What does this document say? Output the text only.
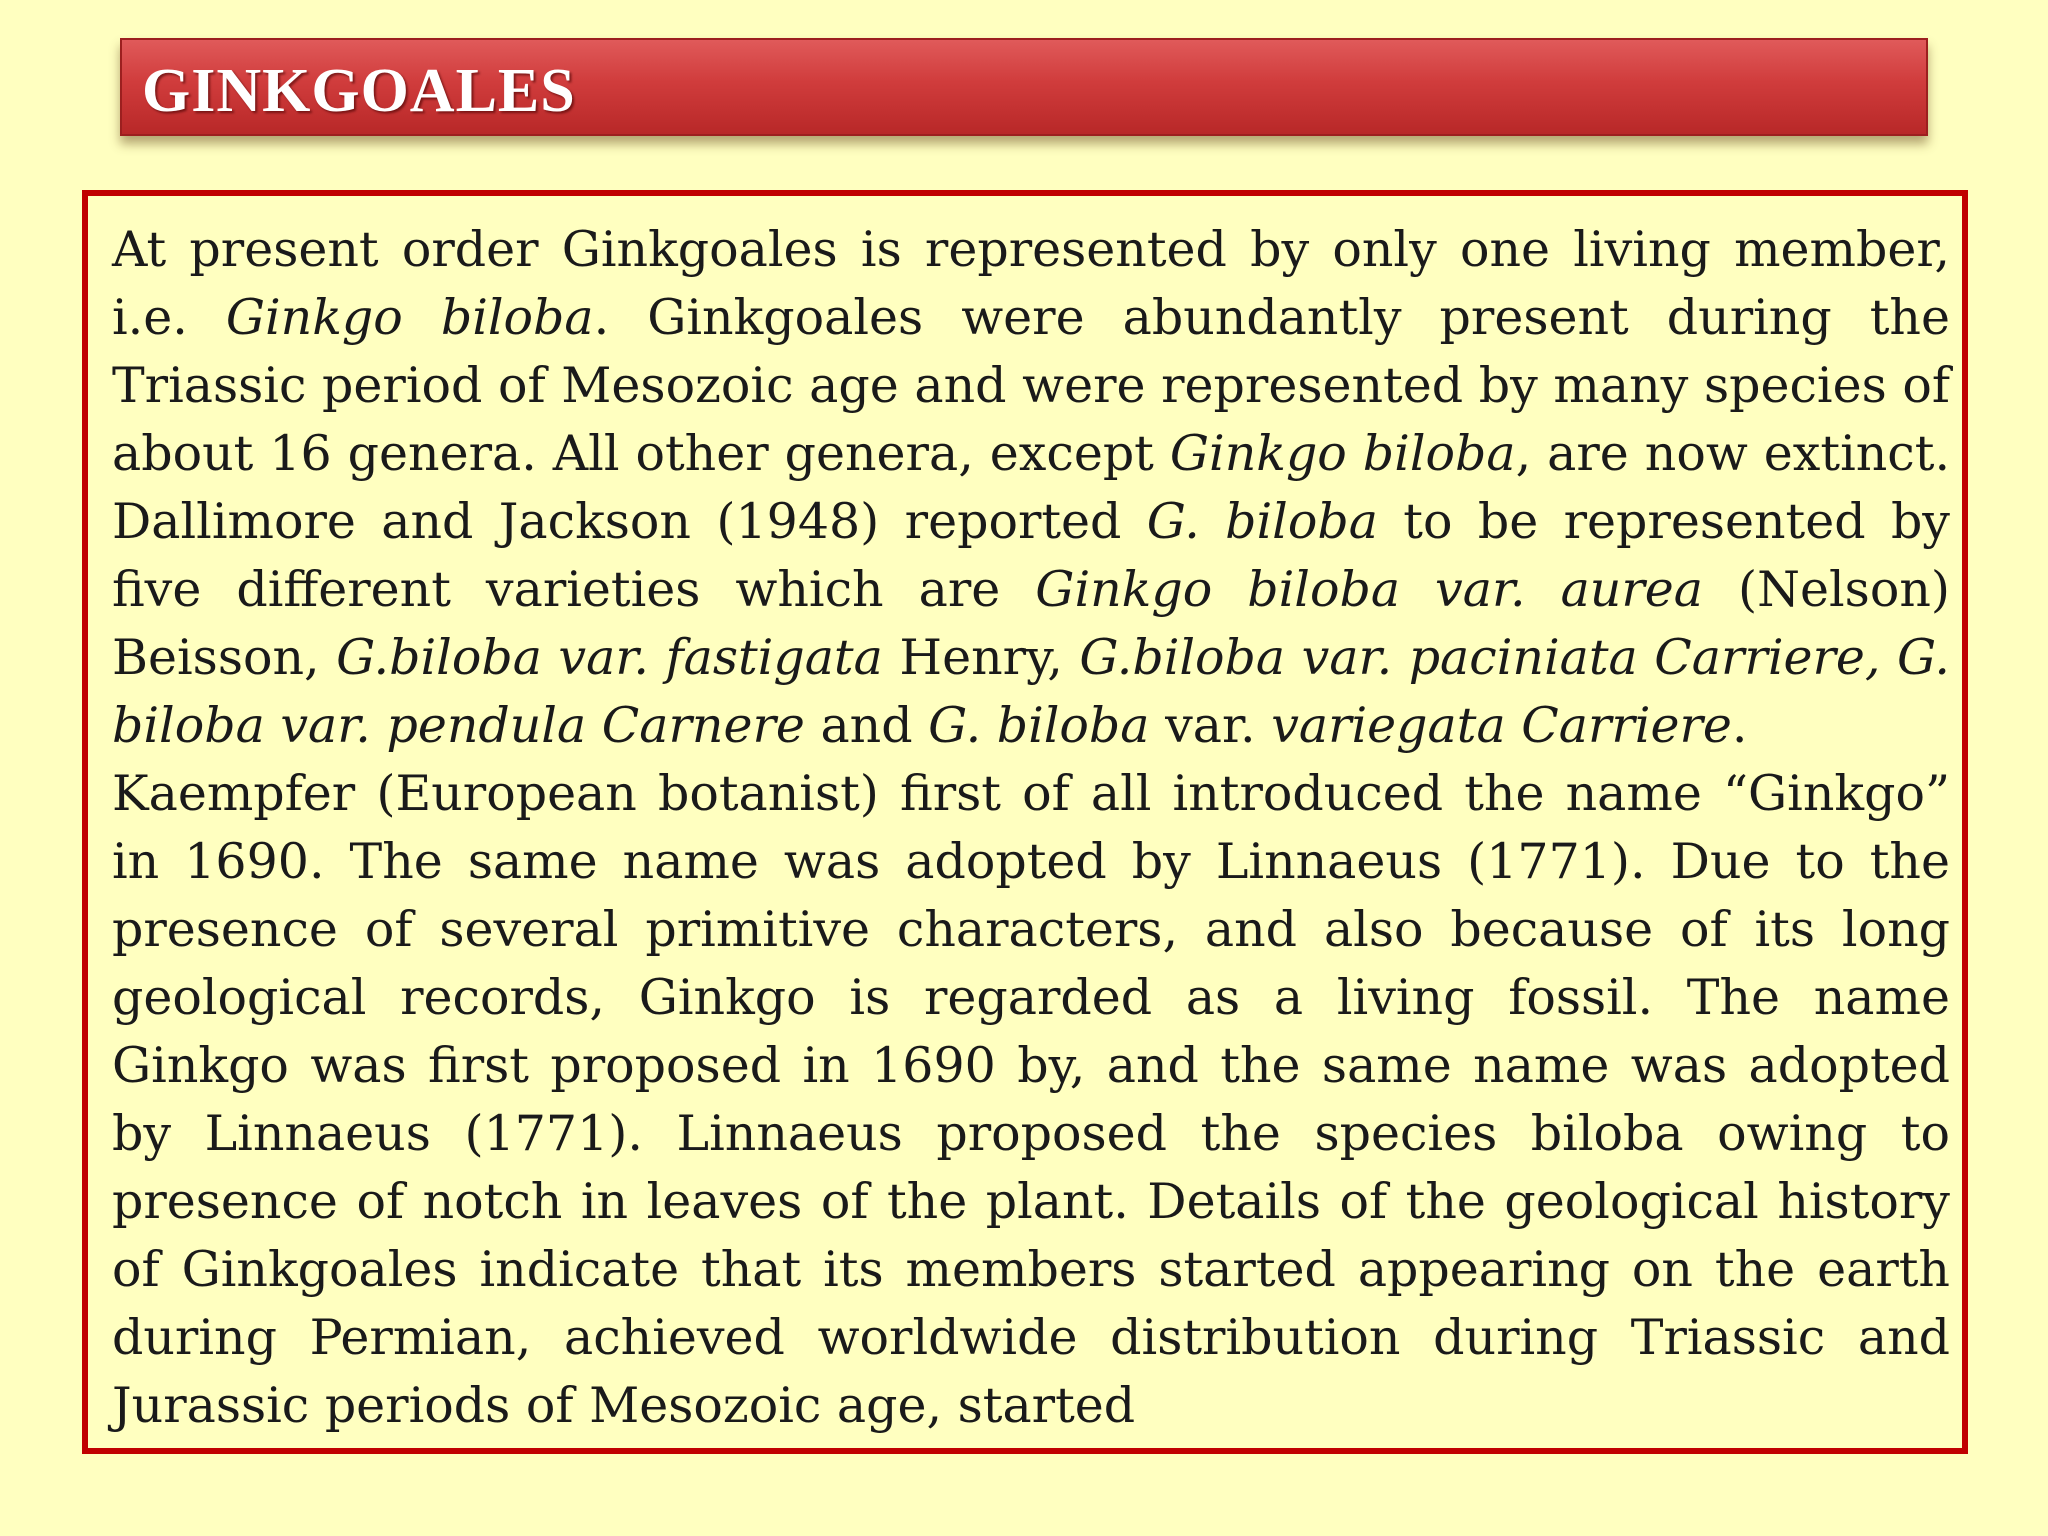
GINKGOALES

At present order Ginkgoales is represented by only one living member, i.e. Ginkgo biloba. Ginkgoales were abundantly present during the Triassic period of Mesozoic age and were represented by many species of about 16 genera. All other genera, except Ginkgo biloba, are now extinct. Dallimore and Jackson (1948) reported G. biloba to be represented by five different varieties which are Ginkgo biloba var. aurea (Nelson) Beisson, G.biloba var. fastigata Henry, G.biloba var. paciniata Carriere, G. biloba var. pendula Carnere and G. biloba var. variegata Carriere.

Kaempfer (European botanist) first of all introduced the name “Ginkgo” in 1690. The same name was adopted by Linnaeus (1771). Due to the presence of several primitive characters, and also because of its long geological records, Ginkgo is regarded as a living fossil. The name Ginkgo was first proposed in 1690 by, and the same name was adopted by Linnaeus (1771). Linnaeus proposed the species biloba owing to presence of notch in leaves of the plant. Details of the geological history of Ginkgoales indicate that its members started appearing on the earth during Permian, achieved worldwide distribution during Triassic and Jurassic periods of Mesozoic age, started
